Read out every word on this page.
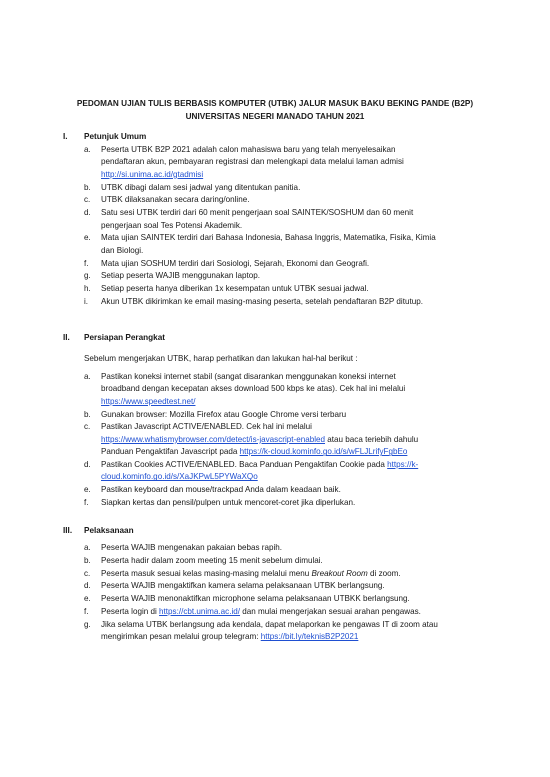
PEDOMAN UJIAN TULIS BERBASIS KOMPUTER (UTBK) JALUR MASUK BAKU BEKING PANDE (B2P)
UNIVERSITAS NEGERI MANADO TAHUN 2021
I. Petunjuk Umum
a. Peserta UTBK B2P 2021 adalah calon mahasiswa baru yang telah menyelesaikan
pendaftaran akun, pembayaran registrasi dan melengkapi data melalui laman admisi
http://si.unima.ac.id/gtadmisi
b. UTBK dibagi dalam sesi jadwal yang ditentukan panitia.
c. UTBK dilaksanakan secara daring/online.
d. Satu sesi UTBK terdiri dari 60 menit pengerjaan soal SAINTEK/SOSHUM dan 60 menit
pengerjaan soal Tes Potensi Akademik.
e. Mata ujian SAINTEK terdiri dari Bahasa Indonesia, Bahasa Inggris, Matematika, Fisika, Kimia
dan Biologi.
f. Mata ujian SOSHUM terdiri dari Sosiologi, Sejarah, Ekonomi dan Geografi.
g. Setiap peserta WAJIB menggunakan laptop.
h. Setiap peserta hanya diberikan 1x kesempatan untuk UTBK sesuai jadwal.
i. Akun UTBK dikirimkan ke email masing-masing peserta, setelah pendaftaran B2P ditutup.
II. Persiapan Perangkat
Sebelum mengerjakan UTBK, harap perhatikan dan lakukan hal-hal berikut :
a. Pastikan koneksi internet stabil (sangat disarankan menggunakan koneksi internet
broadband dengan kecepatan akses download 500 kbps ke atas). Cek hal ini melalui
https://www.speedtest.net/
b. Gunakan browser: Mozilla Firefox atau Google Chrome versi terbaru
c. Pastikan Javascript ACTIVE/ENABLED. Cek hal ini melalui
https://www.whatismybrowser.com/detect/is-javascript-enabled atau baca teriebih dahulu
Panduan Pengaktifan Javascript pada https://k-cloud.kominfo.go.id/s/wFLJLrifyFgbEo
d. Pastikan Cookies ACTIVE/ENABLED. Baca Panduan Pengaktifan Cookie pada https://k-
cloud.kominfo.go.id/s/XaJKPwL5PYWaXQo
e. Pastikan keyboard dan mouse/trackpad Anda dalam keadaan baik.
f. Siapkan kertas dan pensil/pulpen untuk mencoret-coret jika diperlukan.
III. Pelaksanaan
a. Peserta WAJIB mengenakan pakaian bebas rapih.
b. Peserta hadir dalam zoom meeting 15 menit sebelum dimulai.
c. Peserta masuk sesuai kelas masing-masing melalui menu Breakout Room di zoom.
d. Peserta WAJIB mengaktifkan kamera selama pelaksanaan UTBK berlangsung.
e. Peserta WAJIB menonaktifkan microphone selama pelaksanaan UTBKK berlangsung.
f. Peserta login di https://cbt.unima.ac.id/ dan mulai mengerjakan sesuai arahan pengawas.
g. Jika selama UTBK berlangsung ada kendala, dapat melaporkan ke pengawas IT di zoom atau
mengirimkan pesan melalui group telegram: https://bit.ly/teknisB2P2021
